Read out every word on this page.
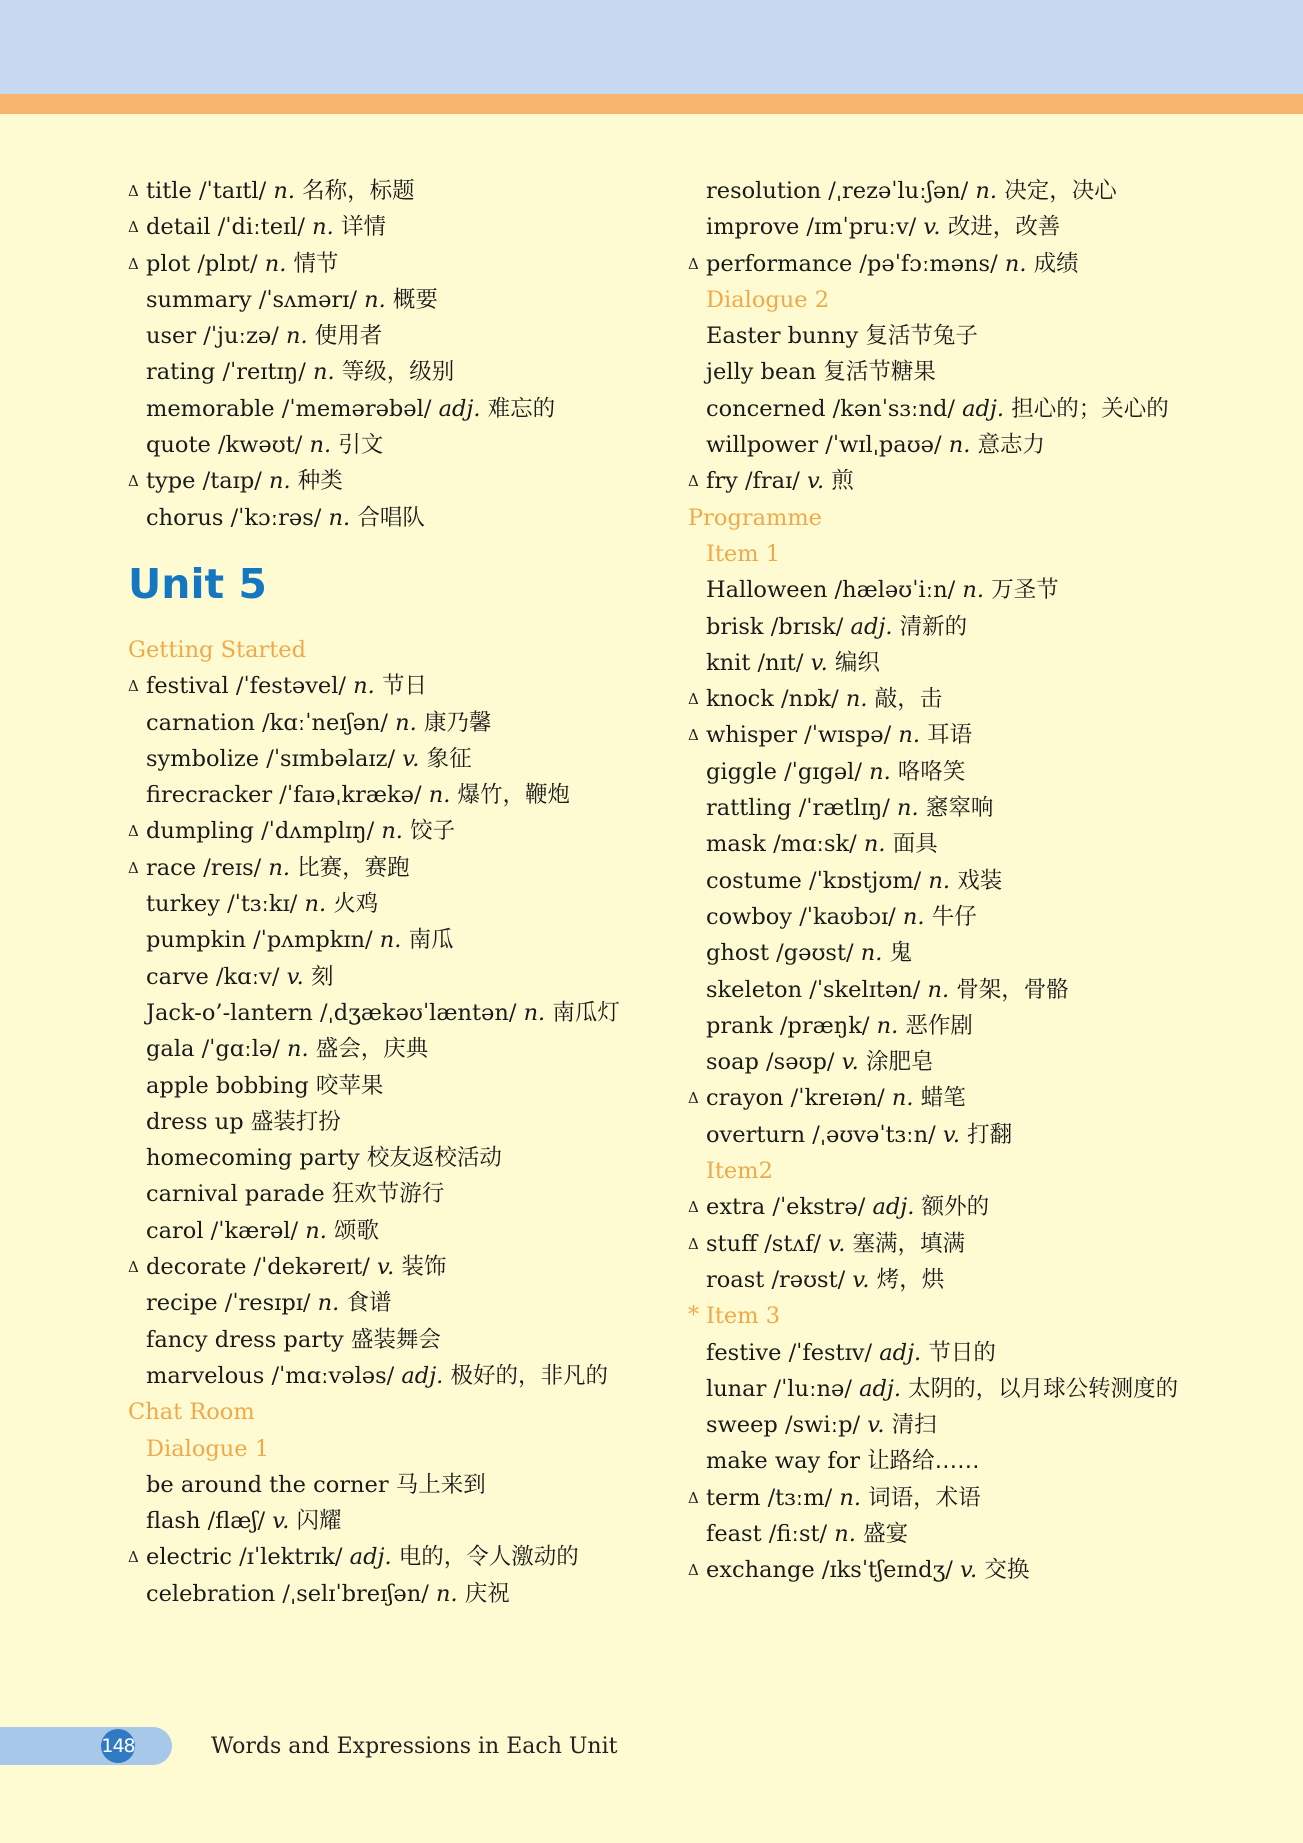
Δ title /ˈtaɪtl/ n. 名称，标题
Δ detail /ˈdiːteɪl/ n. 详情
Δ plot /plɒt/ n. 情节
summary /ˈsʌmərɪ/ n. 概要
user /ˈjuːzə/ n. 使用者
rating /ˈreɪtɪŋ/ n. 等级，级别
memorable /ˈmemərəbəl/ adj. 难忘的
quote /kwəʊt/ n. 引文
Δ type /taɪp/ n. 种类
chorus /ˈkɔːrəs/ n. 合唱队
Unit 5
Getting Started
Δ festival /ˈfestəvel/ n. 节日
carnation /kɑːˈneɪʃən/ n. 康乃馨
symbolize /ˈsɪmbəlaɪz/ v. 象征
firecracker /ˈfaɪəˌkrækə/ n. 爆竹，鞭炮
Δ dumpling /ˈdʌmplɪŋ/ n. 饺子
Δ race /reɪs/ n. 比赛，赛跑
turkey /ˈtɜːkɪ/ n. 火鸡
pumpkin /ˈpʌmpkɪn/ n. 南瓜
carve /kɑːv/ v. 刻
Jack-o’-lantern /ˌdʒækəʊˈlæntən/ n. 南瓜灯
gala /ˈgɑːlə/ n. 盛会，庆典
apple bobbing 咬苹果
dress up 盛装打扮
homecoming party 校友返校活动
carnival parade 狂欢节游行
carol /ˈkærəl/ n. 颂歌
Δ decorate /ˈdekəreɪt/ v. 装饰
recipe /ˈresɪpɪ/ n. 食谱
fancy dress party 盛装舞会
marvelous /ˈmɑːvələs/ adj. 极好的，非凡的
Chat Room
Dialogue 1
be around the corner 马上来到
flash /flæʃ/ v. 闪耀
Δ electric /ɪˈlektrɪk/ adj. 电的，令人激动的
celebration /ˌselɪˈbreɪʃən/ n. 庆祝
resolution /ˌrezəˈluːʃən/ n. 决定，决心
improve /ɪmˈpruːv/ v. 改进，改善
Δ performance /pəˈfɔːməns/ n. 成绩
Dialogue 2
Easter bunny 复活节兔子
jelly bean 复活节糖果
concerned /kənˈsɜːnd/ adj. 担心的；关心的
willpower /ˈwɪlˌpaʊə/ n. 意志力
Δ fry /fraɪ/ v. 煎
Programme
Item 1
Halloween /hæləʊˈiːn/ n. 万圣节
brisk /brɪsk/ adj. 清新的
knit /nɪt/ v. 编织
Δ knock /nɒk/ n. 敲，击
Δ whisper /ˈwɪspə/ n. 耳语
giggle /ˈgɪgəl/ n. 咯咯笑
rattling /ˈrætlɪŋ/ n. 窸窣响
mask /mɑːsk/ n. 面具
costume /ˈkɒstjʊm/ n. 戏装
cowboy /ˈkaʊbɔɪ/ n. 牛仔
ghost /gəʊst/ n. 鬼
skeleton /ˈskelɪtən/ n. 骨架，骨骼
prank /præŋk/ n. 恶作剧
soap /səʊp/ v. 涂肥皂
Δ crayon /ˈkreɪən/ n. 蜡笔
overturn /ˌəʊvəˈtɜːn/ v. 打翻
Item2
Δ extra /ˈekstrə/ adj. 额外的
Δ stuff /stʌf/ v. 塞满，填满
roast /rəʊst/ v. 烤，烘
* Item 3
festive /ˈfestɪv/ adj. 节日的
lunar /ˈluːnə/ adj. 太阴的，以月球公转测度的
sweep /swiːp/ v. 清扫
make way for 让路给……
Δ term /tɜːm/ n. 词语，术语
feast /fiːst/ n. 盛宴
Δ exchange /ɪksˈtʃeɪndʒ/ v. 交换
148	Words and Expressions in Each Unit
